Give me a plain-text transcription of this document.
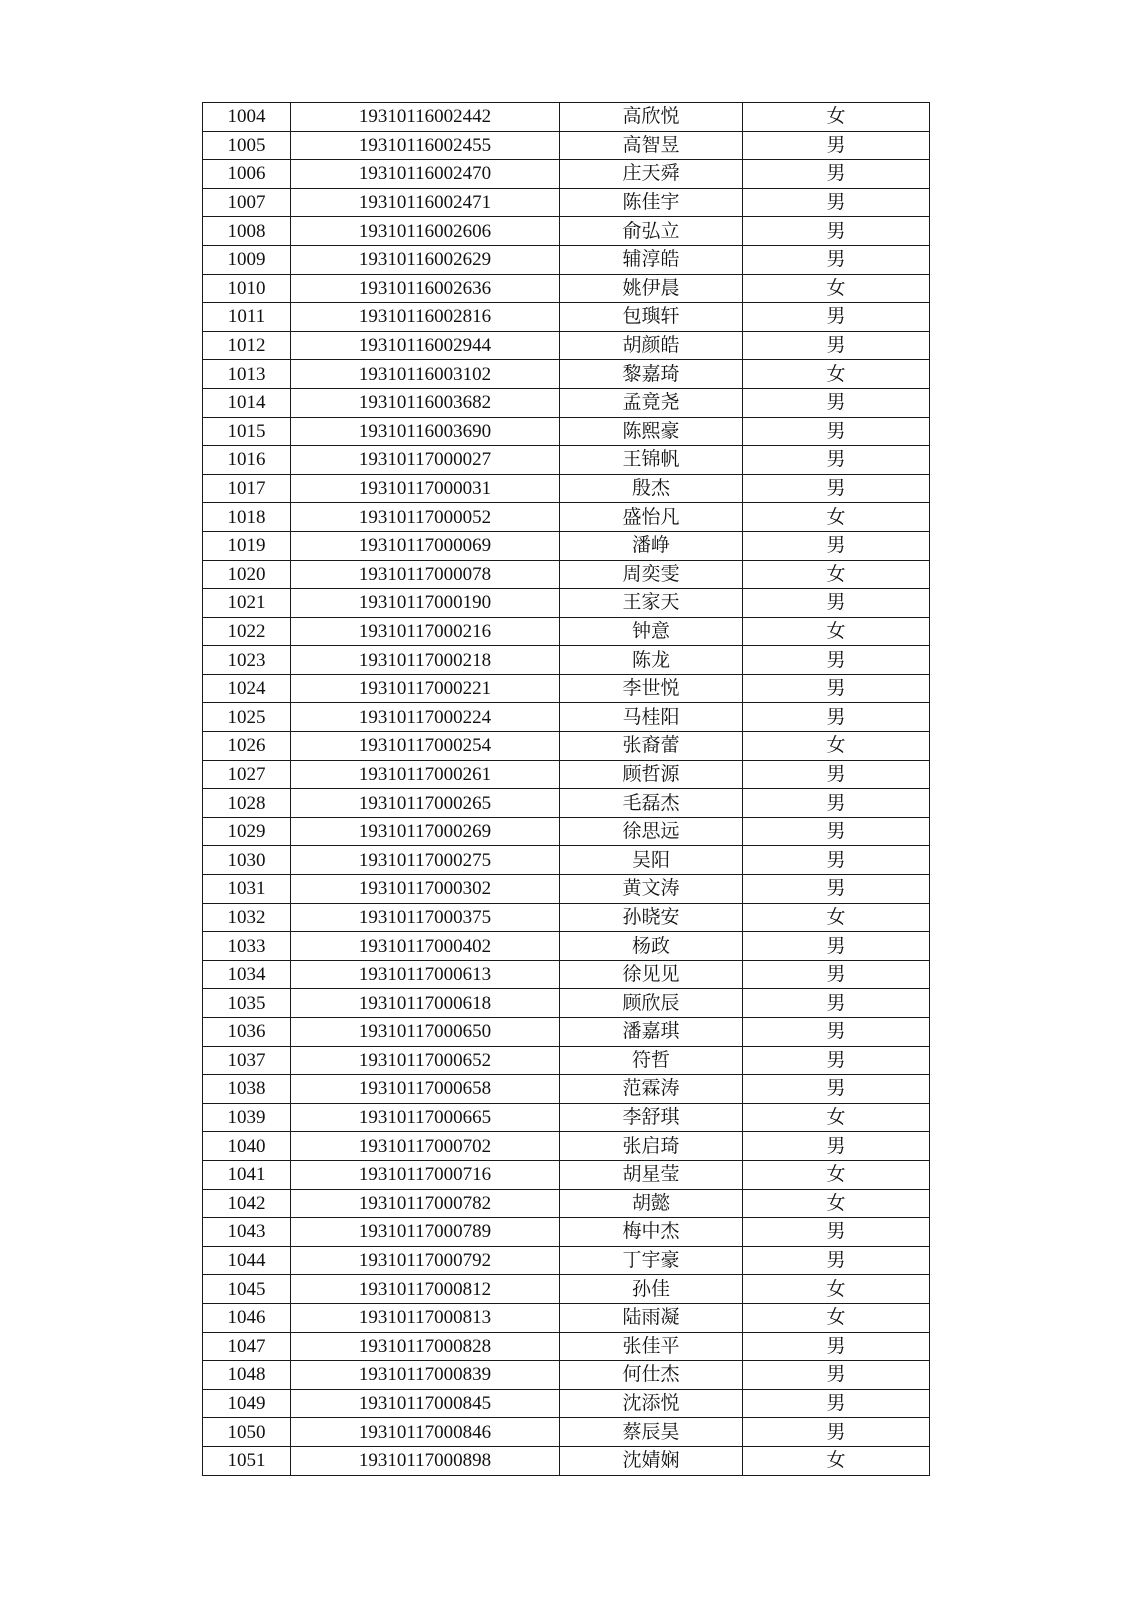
1004	19310116002442	高欣悦	女
1005	19310116002455	高智昱	男
1006	19310116002470	庄天舜	男
1007	19310116002471	陈佳宇	男
1008	19310116002606	俞弘立	男
1009	19310116002629	辅淳皓	男
1010	19310116002636	姚伊晨	女
1011	19310116002816	包璵轩	男
1012	19310116002944	胡颜皓	男
1013	19310116003102	黎嘉琦	女
1014	19310116003682	孟竟尧	男
1015	19310116003690	陈熙豪	男
1016	19310117000027	王锦帆	男
1017	19310117000031	殷杰	男
1018	19310117000052	盛怡凡	女
1019	19310117000069	潘峥	男
1020	19310117000078	周奕雯	女
1021	19310117000190	王家天	男
1022	19310117000216	钟意	女
1023	19310117000218	陈龙	男
1024	19310117000221	李世悦	男
1025	19310117000224	马桂阳	男
1026	19310117000254	张裔蕾	女
1027	19310117000261	顾哲源	男
1028	19310117000265	毛磊杰	男
1029	19310117000269	徐思远	男
1030	19310117000275	吴阳	男
1031	19310117000302	黄文涛	男
1032	19310117000375	孙晓安	女
1033	19310117000402	杨政	男
1034	19310117000613	徐见见	男
1035	19310117000618	顾欣辰	男
1036	19310117000650	潘嘉琪	男
1037	19310117000652	符哲	男
1038	19310117000658	范霖涛	男
1039	19310117000665	李舒琪	女
1040	19310117000702	张启琦	男
1041	19310117000716	胡星莹	女
1042	19310117000782	胡懿	女
1043	19310117000789	梅中杰	男
1044	19310117000792	丁宇豪	男
1045	19310117000812	孙佳	女
1046	19310117000813	陆雨凝	女
1047	19310117000828	张佳平	男
1048	19310117000839	何仕杰	男
1049	19310117000845	沈添悦	男
1050	19310117000846	蔡辰昊	男
1051	19310117000898	沈婧娴	女
